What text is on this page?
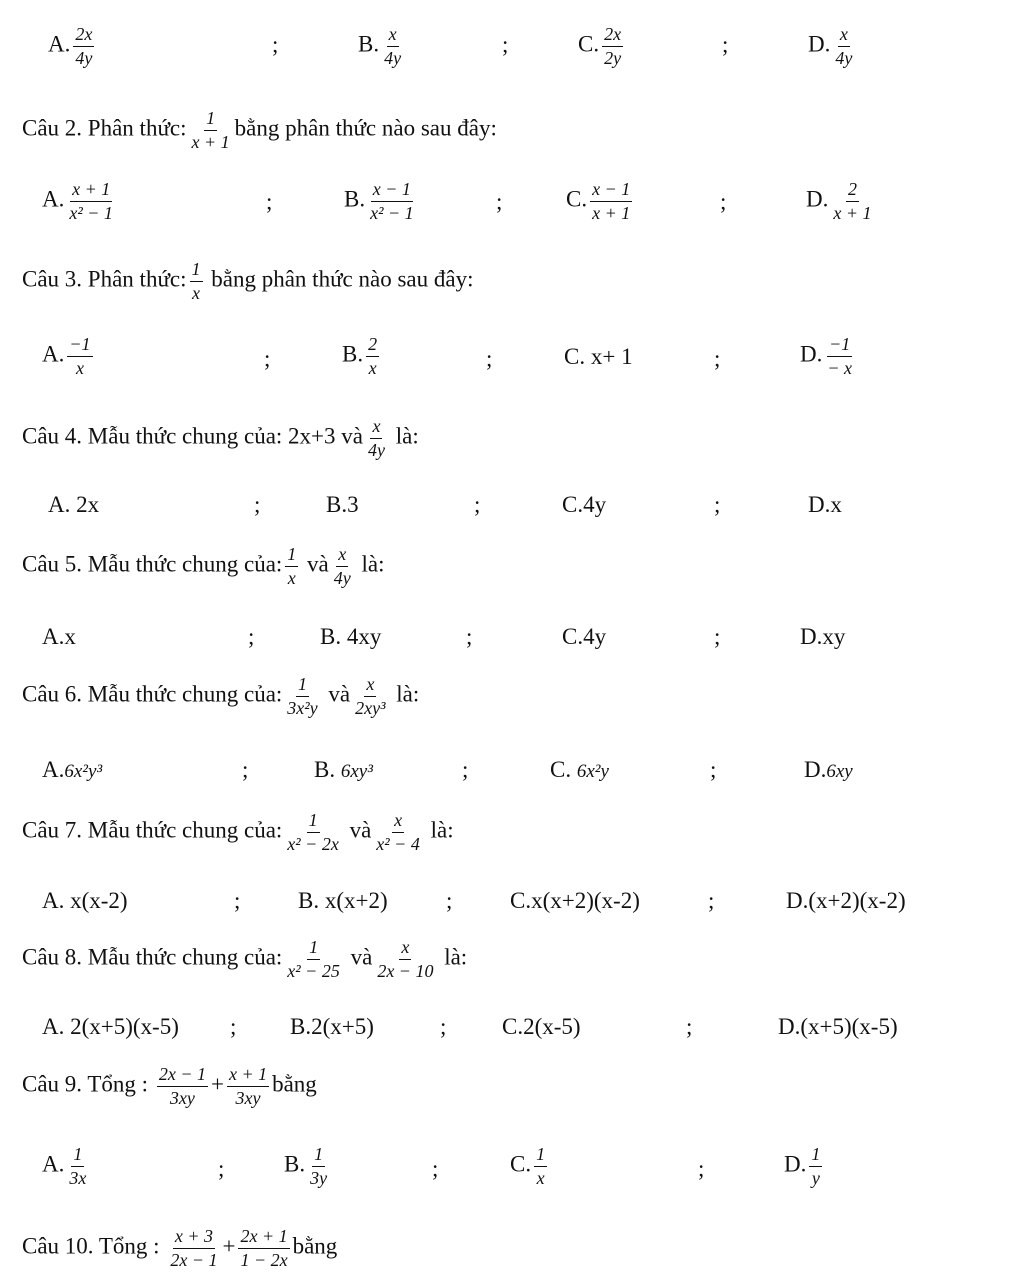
A. $\frac{2x}{4y}$	;	B. $\frac{x}{4y}$	;	C. $\frac{2x}{2y}$	;	D. $\frac{x}{4y}$
Câu 2. Phân thức: $\frac{1}{x + 1}$ bằng phân thức nào sau đây:
A. $\frac{x + 1}{\text{x² − 1}}$	;	B. $\frac{x - 1}{\text{x² − 1}}$	;	C. $\frac{x - 1}{x + 1}$	;	D. $\frac{2}{x + 1}$
Câu 3. Phân thức: $\frac{1}{x}$ bằng phân thức nào sau đây:
A. $\frac{-1}{x}$	;	B. $\frac{2}{x}$	;	C. x+ 1	;	D. $\frac{-1}{- x}$
Câu 4. Mẫu thức chung của: 2x+3 và $\frac{x}{4y}$ là:
A. 2x	;	B.3	;	C.4y	;	D.x
Câu 5. Mẫu thức chung của: $\frac{1}{x}$ và $\frac{x}{4y}$ là:
A.x	;	B. 4xy	;	C.4y	;	D.xy
Câu 6. Mẫu thức chung của: $\frac{1}{\text{3x²y}}$ và $\frac{x}{\text{2xy³}}$ là:
A.6x²y³	;	B. 6xy³	;	C. 6x²y	;	D.6xy
Câu 7. Mẫu thức chung của: $\frac{1}{\text{x² − 2x}}$ và $\frac{x}{\text{x² − 4}}$ là:
A. x(x-2)	;	B. x(x+2)	;	C.x(x+2)(x-2)	;	D.(x+2)(x-2)
Câu 8. Mẫu thức chung của: $\frac{1}{\text{x² − 25}}$ và $\frac{x}{2x - 10}$ là:
A. 2(x+5)(x-5) ; B.2(x+5)	; C.2(x-5)	;	D.(x+5)(x-5)
Câu 9. Tổng : $\frac{2x - 1}{3xy} + \frac{x + 1}{3xy}$ bằng
A. $\frac{1}{3x}$	;	B. $\frac{1}{3y}$	;	C. $\frac{1}{x}$	;	D. $\frac{1}{y}$
Câu 10. Tổng : $\frac{x + 3}{2x - 1} + \frac{2x + 1}{1 - 2x}$ bằng
